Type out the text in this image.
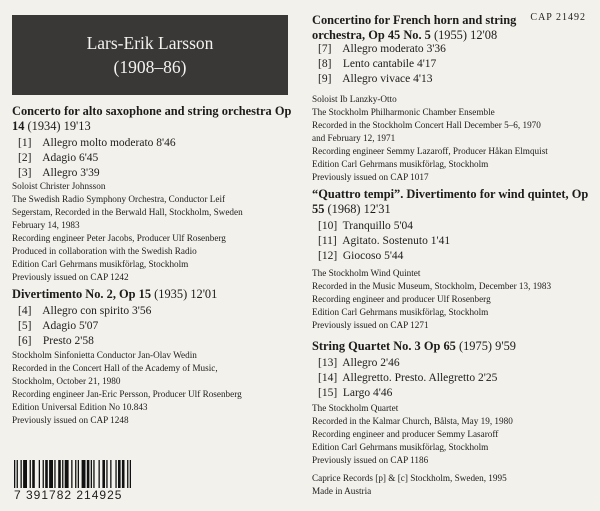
Lars-Erik Larsson
(1908–86)
CAP 21492
Concerto for alto saxophone and string orchestra Op 14 (1934) 19'13
[1] Allegro molto moderato 8'46
[2] Adagio 6'45
[3] Allegro 3'39
Soloist Christer Johnsson
The Swedish Radio Symphony Orchestra, Conductor Leif
Segerstam, Recorded in the Berwald Hall, Stockholm, Sweden
February 14, 1983
Recording engineer Peter Jacobs, Producer Ulf Rosenberg
Produced in collaboration with the Swedish Radio
Edition Carl Gehrmans musikförlag, Stockholm
Previously issued on CAP 1242
Divertimento No. 2, Op 15 (1935) 12'01
[4] Allegro con spirito 3'56
[5] Adagio 5'07
[6] Presto 2'58
Stockholm Sinfonietta Conductor Jan-Olav Wedin
Recorded in the Concert Hall of the Academy of Music,
Stockholm, October 21, 1980
Recording engineer Jan-Eric Persson, Producer Ulf Rosenberg
Edition Universal Edition No 10.843
Previously issued on CAP 1248
7 391782 214925
Concertino for French horn and string orchestra, Op 45 No. 5 (1955) 12'08
[7] Allegro moderato 3'36
[8] Lento cantabile 4'17
[9] Allegro vivace 4'13
Soloist Ib Lanzky-Otto
The Stockholm Philharmonic Chamber Ensemble
Recorded in the Stockholm Concert Hall December 5–6, 1970
and February 12, 1971
Recording engineer Semmy Lazaroff, Producer Håkan Elmquist
Edition Carl Gehrmans musikförlag, Stockholm
Previously issued on CAP 1017
“Quattro tempi”. Divertimento for wind quintet, Op 55 (1968) 12'31
[10] Tranquillo 5'04
[11] Agitato. Sostenuto 1'41
[12] Giocoso 5'44
The Stockholm Wind Quintet
Recorded in the Music Museum, Stockholm, December 13, 1983
Recording engineer and producer Ulf Rosenberg
Edition Carl Gehrmans musikförlag, Stockholm
Previously issued on CAP 1271
String Quartet No. 3 Op 65 (1975) 9'59
[13] Allegro 2'46
[14] Allegretto. Presto. Allegretto 2'25
[15] Largo 4'46
The Stockholm Quartet
Recorded in the Kalmar Church, Bålsta, May 19, 1980
Recording engineer and producer Semmy Lasaroff
Edition Carl Gehrmans musikförlag, Stockholm
Previously issued on CAP 1186
Caprice Records [p] & [c] Stockholm, Sweden, 1995
Made in Austria
